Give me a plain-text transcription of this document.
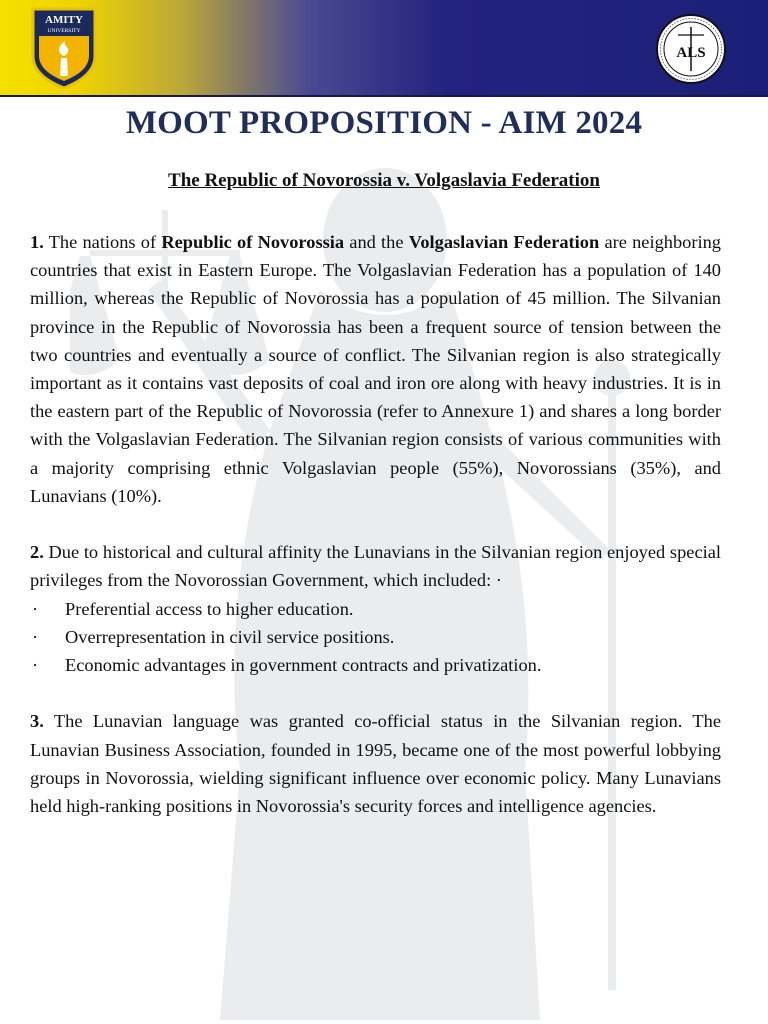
AMITY
UNIVERSITY
ALS
MOOT PROPOSITION - AIM 2024
The Republic of Novorossia v. Volgaslavia Federation

1. The nations of Republic of Novorossia and the Volgaslavian Federation are neighboring countries that exist in Eastern Europe. The Volgaslavian Federation has a population of 140 million, whereas the Republic of Novorossia has a population of 45 million. The Silvanian province in the Republic of Novorossia has been a frequent source of tension between the two countries and eventually a source of conflict. The Silvanian region is also strategically important as it contains vast deposits of coal and iron ore along with heavy industries. It is in the eastern part of the Republic of Novorossia (refer to Annexure 1) and shares a long border with the Volgaslavian Federation. The Silvanian region consists of various communities with a majority comprising ethnic Volgaslavian people (55%), Novorossians (35%), and Lunavians (10%).

2. Due to historical and cultural affinity the Lunavians in the Silvanian region enjoyed special privileges from the Novorossian Government, which included: ·

· Preferential access to higher education.
· Overrepresentation in civil service positions.
· Economic advantages in government contracts and privatization.

3. The Lunavian language was granted co-official status in the Silvanian region. The Lunavian Business Association, founded in 1995, became one of the most powerful lobbying groups in Novorossia, wielding significant influence over economic policy. Many Lunavians held high-ranking positions in Novorossia's security forces and intelligence agencies.
